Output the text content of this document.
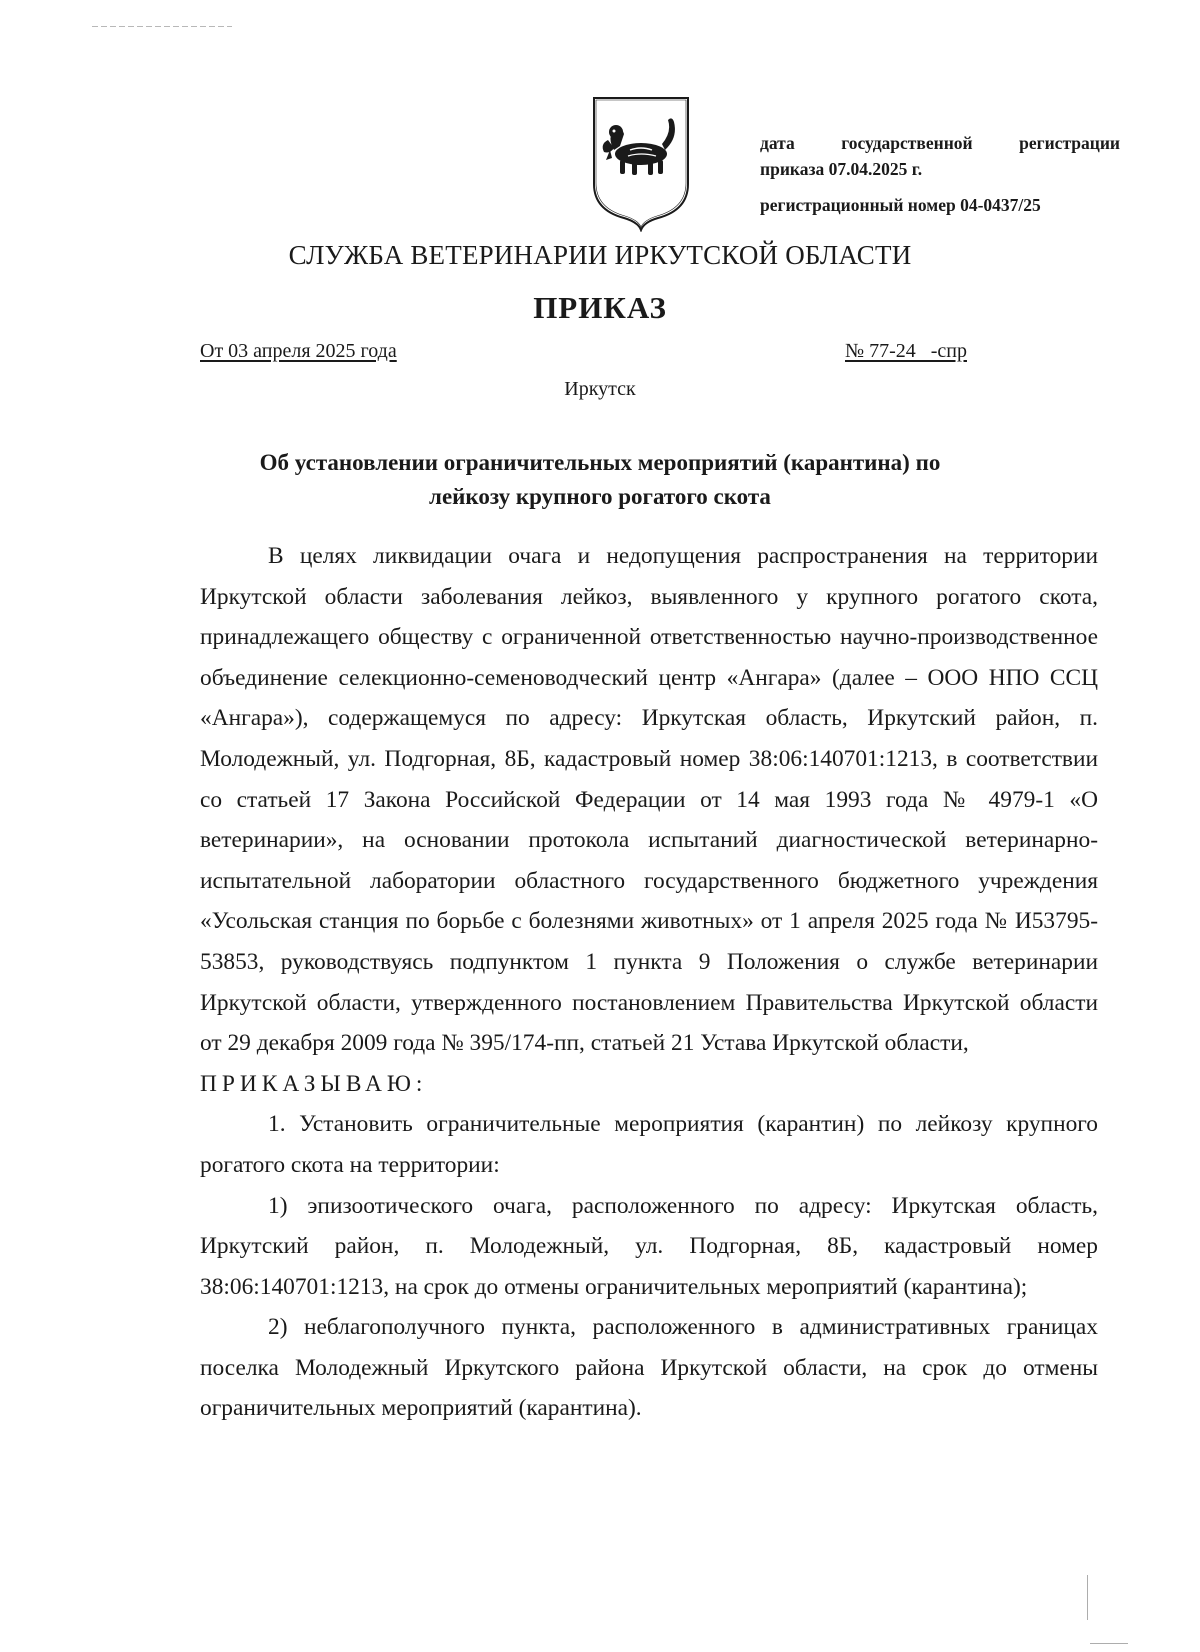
дата государственной регистрации
приказа 07.04.2025 г.
регистрационный номер 04-0437/25
СЛУЖБА ВЕТЕРИНАРИИ ИРКУТСКОЙ ОБЛАСТИ
ПРИКАЗ
От 03 апреля 2025 года	№ 77-24   -спр
Иркутск
Об установлении ограничительных мероприятий (карантина) по
лейкозу крупного рогатого скота

В целях ликвидации очага и недопущения распространения на территории Иркутской области заболевания лейкоз, выявленного у крупного рогатого скота, принадлежащего обществу с ограниченной ответственностью научно-производственное объединение селекционно-семеноводческий центр «Ангара» (далее – ООО НПО ССЦ «Ангара»), содержащемуся по адресу: Иркутская область, Иркутский район, п. Молодежный, ул. Подгорная, 8Б, кадастровый номер 38:06:140701:1213, в соответствии со статьей 17 Закона Российской Федерации от 14 мая 1993 года № 4979-1 «О ветеринарии», на основании протокола испытаний диагностической ветеринарно-испытательной лаборатории областного государственного бюджетного учреждения «Усольская станция по борьбе с болезнями животных» от 1 апреля 2025 года № И53795-53853, руководствуясь подпунктом 1 пункта 9 Положения о службе ветеринарии Иркутской области, утвержденного постановлением Правительства Иркутской области от 29 декабря 2009 года № 395/174-пп, статьей 21 Устава Иркутской области,

ПРИКАЗЫВАЮ:

1. Установить ограничительные мероприятия (карантин) по лейкозу крупного рогатого скота на территории:

1) эпизоотического очага, расположенного по адресу: Иркутская область, Иркутский район, п. Молодежный, ул. Подгорная, 8Б, кадастровый номер 38:06:140701:1213, на срок до отмены ограничительных мероприятий (карантина);

2) неблагополучного пункта, расположенного в административных границах поселка Молодежный Иркутского района Иркутской области, на срок до отмены ограничительных мероприятий (карантина).
